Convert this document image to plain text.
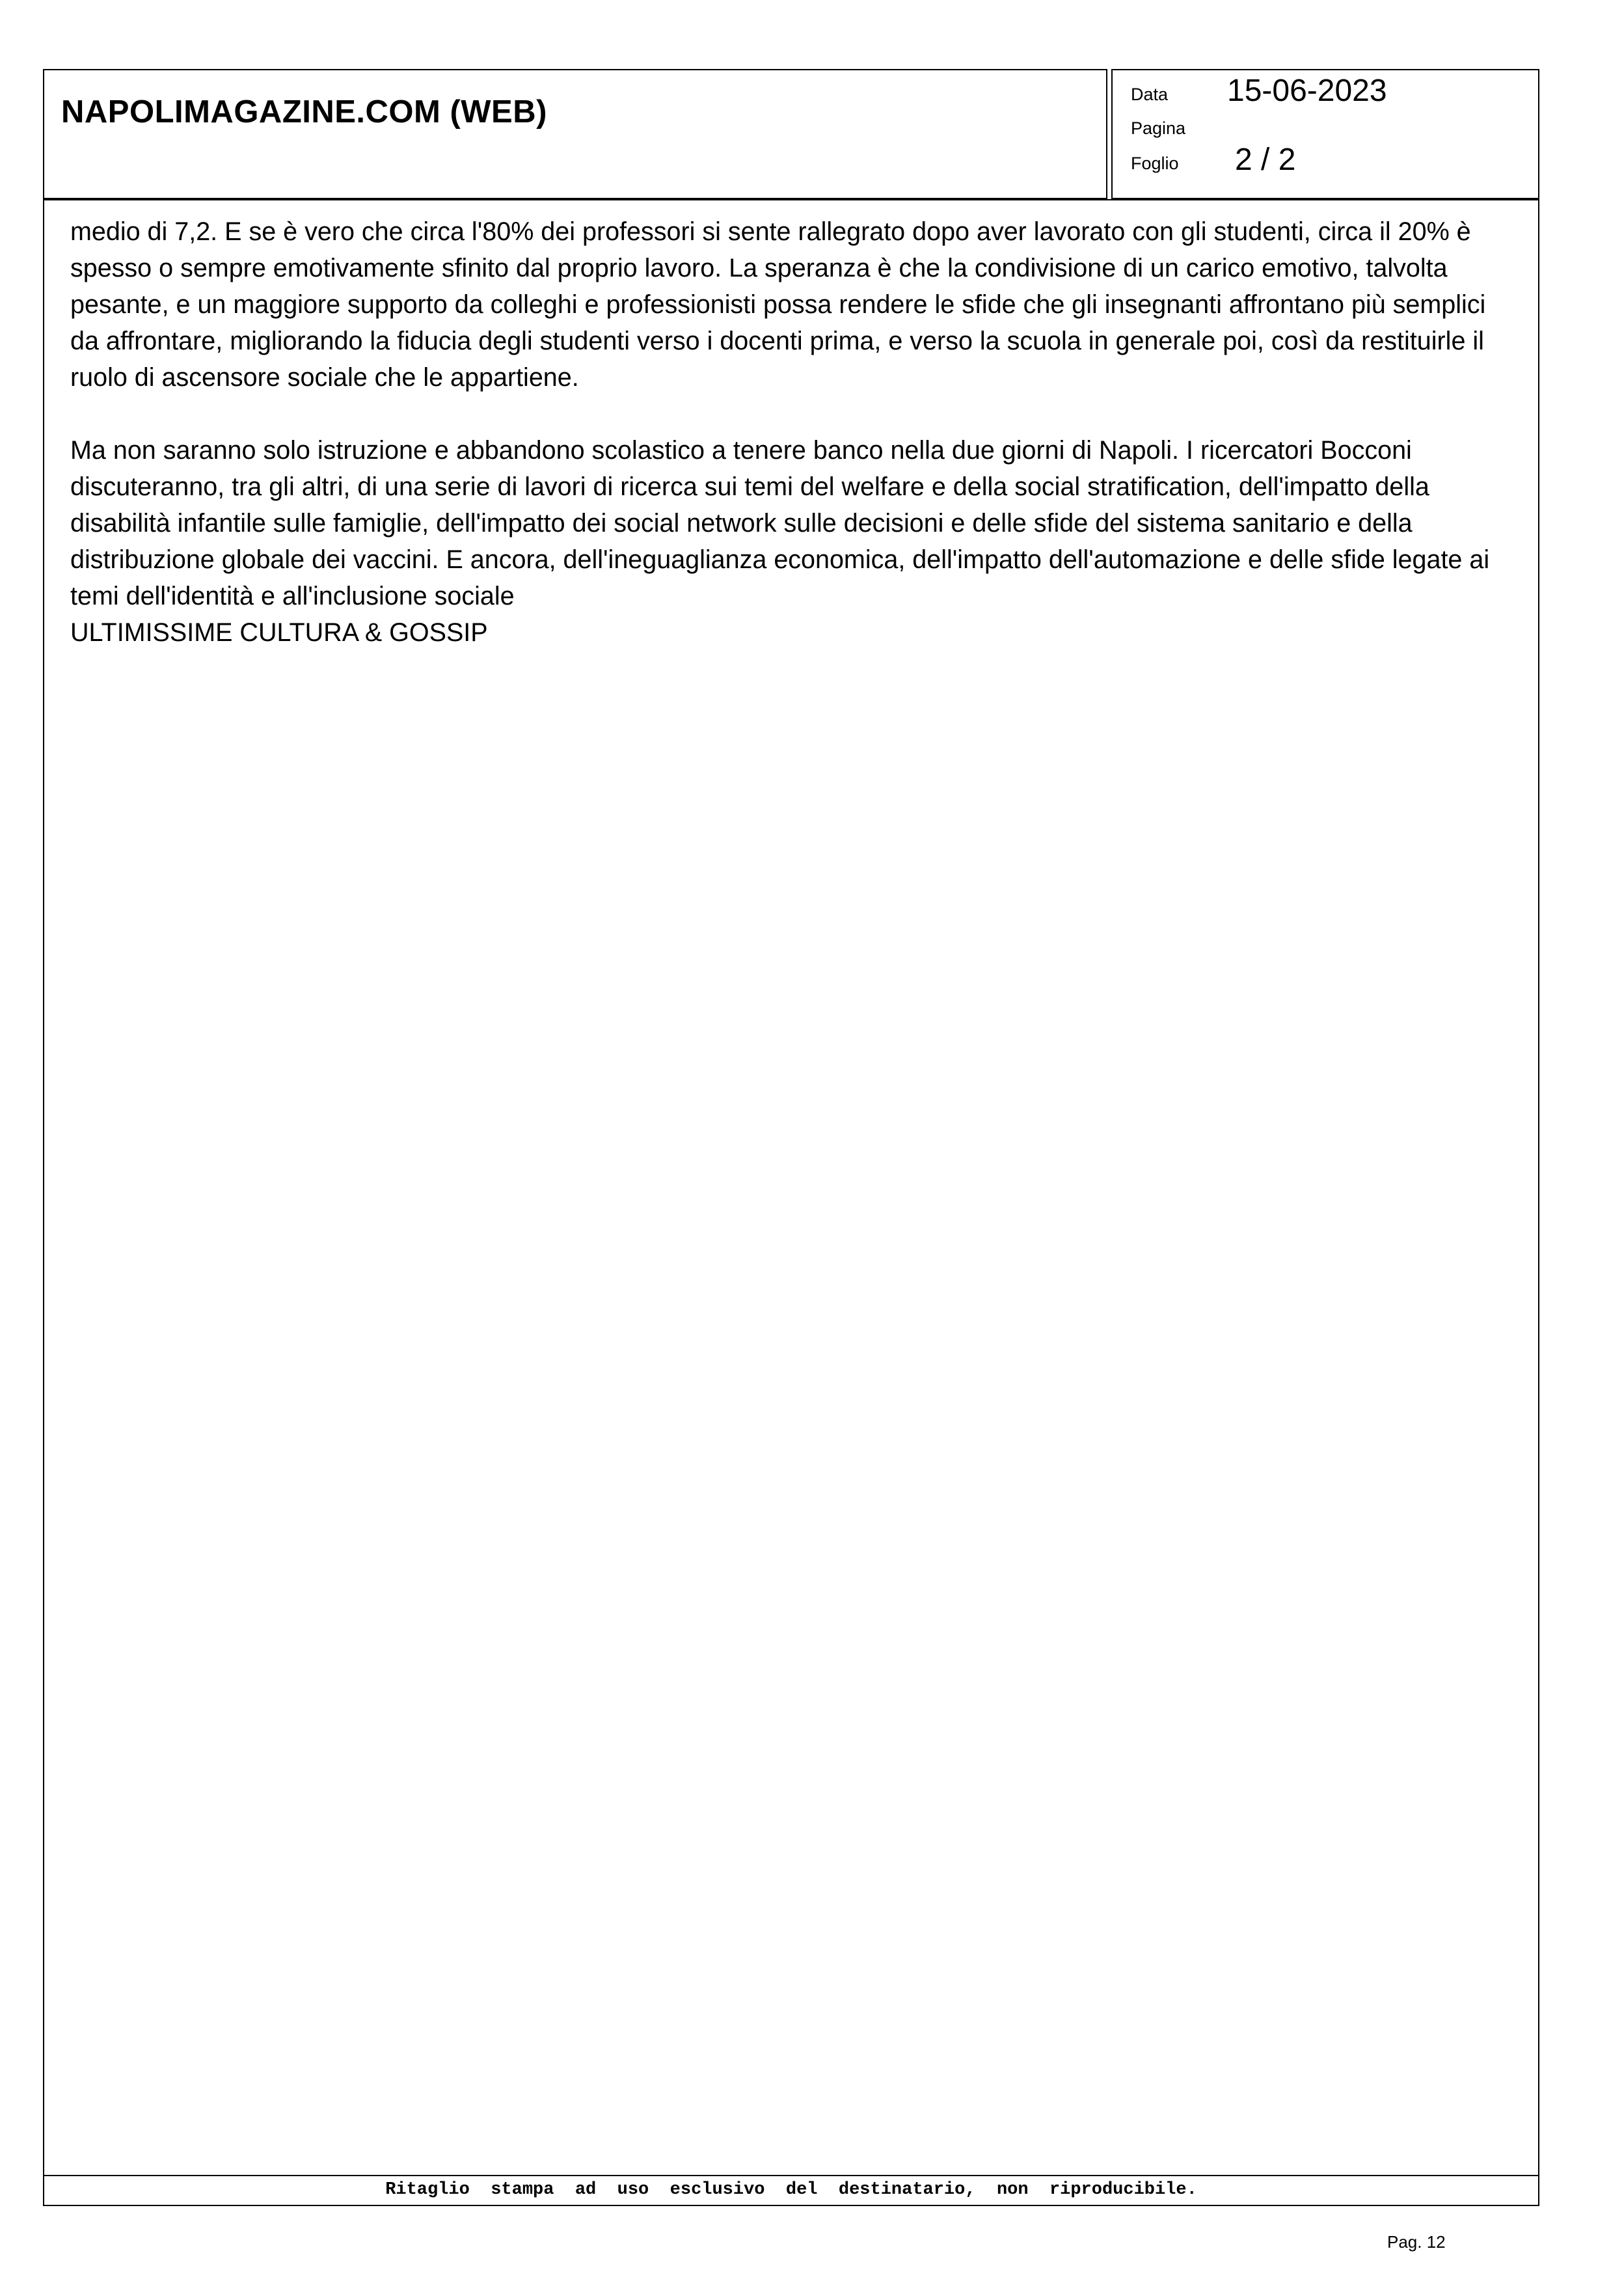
NAPOLIMAGAZINE.COM (WEB)	Data 15-06-2023
Pagina
Foglio 2 / 2

medio di 7,2. E se è vero che circa l'80% dei professori si sente rallegrato dopo aver lavorato con gli studenti, circa il 20% è spesso o sempre emotivamente sfinito dal proprio lavoro. La speranza è che la condivisione di un carico emotivo, talvolta pesante, e un maggiore supporto da colleghi e professionisti possa rendere le sfide che gli insegnanti affrontano più semplici da affrontare, migliorando la fiducia degli studenti verso i docenti prima, e verso la scuola in generale poi, così da restituirle il ruolo di ascensore sociale che le appartiene.

Ma non saranno solo istruzione e abbandono scolastico a tenere banco nella due giorni di Napoli. I ricercatori Bocconi discuteranno, tra gli altri, di una serie di lavori di ricerca sui temi del welfare e della social stratification, dell'impatto della disabilità infantile sulle famiglie, dell'impatto dei social network sulle decisioni e delle sfide del sistema sanitario e della distribuzione globale dei vaccini. E ancora, dell'ineguaglianza economica, dell'impatto dell'automazione e delle sfide legate ai temi dell'identità e all'inclusione sociale

ULTIMISSIME CULTURA & GOSSIP

Ritaglio  stampa  ad  uso  esclusivo  del  destinatario,  non  riproducibile.
Pag. 12
